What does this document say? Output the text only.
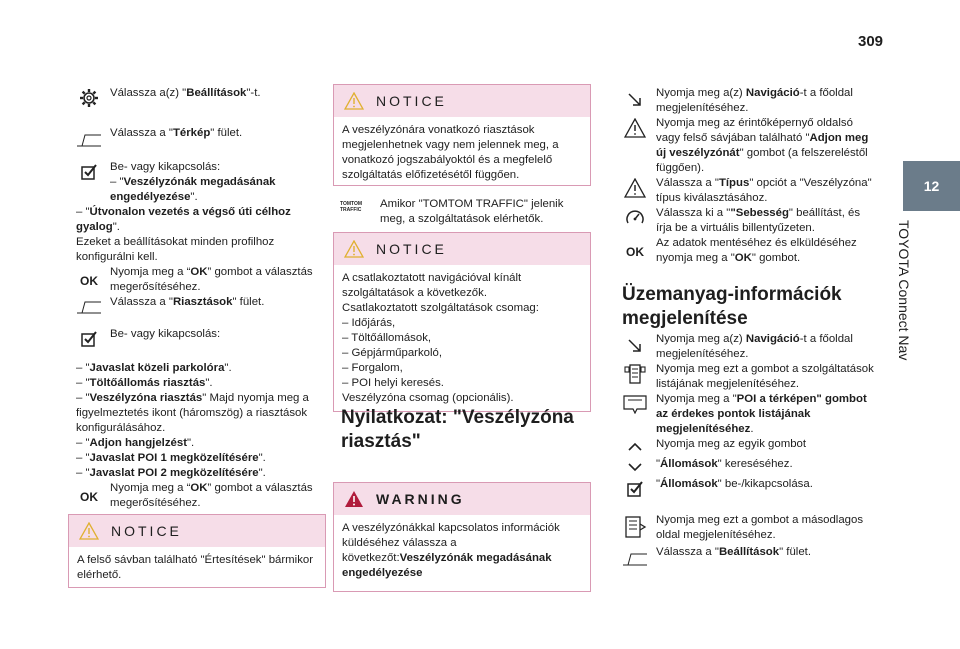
309
12
TOYOTA Connect Nav

Válassza a(z) "Beállítások"-t.

Válassza a "Térkép" fület.

Be- vagy kikapcsolás:

– "Veszélyzónák megadásának engedélyezése".

– "Útvonalon vezetés a végső úti célhoz gyalog".

Ezeket a beállításokat minden profilhoz konfigurálni kell.

OK

Nyomja meg a “OK” gombot a választás megerősítéséhez.

Válassza a "Riasztások" fület.

Be- vagy kikapcsolás:

– "Javaslat közeli parkolóra".

– "Töltőállomás riasztás".

– "Veszélyzóna riasztás" Majd nyomja meg a figyelmeztetés ikont (háromszög) a riasztások konfigurálásához.

– "Adjon hangjelzést".

– "Javaslat POI 1 megközelítésére".

– "Javaslat POI 2 megközelítésére".

OK

Nyomja meg a “OK” gombot a választás megerősítéséhez.

NOTICE
A felső sávban található "Értesítések" bármikor elérhető.
NOTICE
A veszélyzónára vonatkozó riasztások megjelenhetnek vagy nem jelennek meg, a vonatkozó jogszabályoktól és a megfelelő szolgáltatás előfizetésétől függően.
TOMTOM
TRAFFIC	Amikor "TOMTOM TRAFFIC" jelenik meg, a szolgáltatások elérhetők.

NOTICE

A csatlakoztatott navigációval kínált szolgáltatások a következők.

Csatlakoztatott szolgáltatások csomag:

– Időjárás,

– Töltőállomások,

– Gépjárműparkoló,

– Forgalom,

– POI helyi keresés.

Veszélyzóna csomag (opcionális).

Nyilatkozat: "Veszélyzóna riasztás"
WARNING
A veszélyzónákkal kapcsolatos információk küldéséhez válassza a következőt:Veszélyzónák megadásának engedélyezése

Nyomja meg a(z) Navigáció-t a főoldal megjelenítéséhez.

Nyomja meg az érintőképernyő oldalsó vagy felső sávjában található "Adjon meg új veszélyzónát" gombot (a felszereléstől függően).

Válassza a "Típus" opciót a "Veszélyzóna" típus kiválasztásához.

Válassza ki a ""Sebesség" beállítást, és írja be a virtuális billentyűzeten.

OK

Az adatok mentéséhez és elküldéséhez nyomja meg a "OK" gombot.

Üzemanyag-információk megjelenítése

Nyomja meg a(z) Navigáció-t a főoldal megjelenítéséhez.

Nyomja meg ezt a gombot a szolgáltatások listájának megjelenítéséhez.

Nyomja meg a "POI a térképen" gombot az érdekes pontok listájának megjelenítéséhez.

Nyomja meg az egyik gombot

"Állomások" kereséséhez.

"Állomások" be-/kikapcsolása.

Nyomja meg ezt a gombot a másodlagos oldal megjelenítéséhez.

Válassza a "Beállítások" fület.
